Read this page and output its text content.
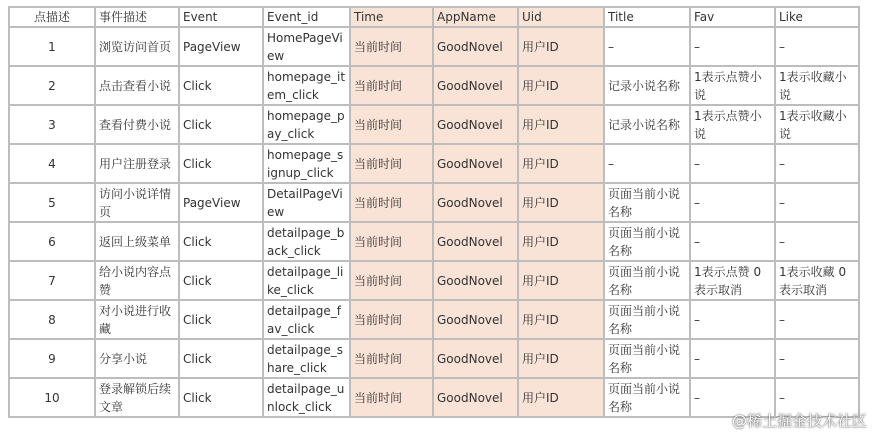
点描述	事件描述	Event	Event_id	Time	AppName	Uid	Title	Fav	Like
1	浏览访问首页	PageView	HomePageView	当前时间	GoodNovel	用户ID	–	–	–
2	点击查看小说	Click	homepage_item_click	当前时间	GoodNovel	用户ID	记录小说名称	1表示点赞小说	1表示收藏小说
3	查看付费小说	Click	homepage_pay_click	当前时间	GoodNovel	用户ID	记录小说名称	1表示点赞小说	1表示收藏小说
4	用户注册登录	Click	homepage_signup_click	当前时间	GoodNovel	用户ID	–	–	–
5	访问小说详情页	PageView	DetailPageView	当前时间	GoodNovel	用户ID	页面当前小说名称	–	–
6	返回上级菜单	Click	detailpage_back_click	当前时间	GoodNovel	用户ID	页面当前小说名称	–	–
7	给小说内容点赞	Click	detailpage_like_click	当前时间	GoodNovel	用户ID	页面当前小说名称	1表示点赞 0表示取消	1表示收藏 0表示取消
8	对小说进行收藏	Click	detailpage_fav_click	当前时间	GoodNovel	用户ID	页面当前小说名称	–	–
9	分享小说	Click	detailpage_share_click	当前时间	GoodNovel	用户ID	页面当前小说名称	–	–
10	登录解锁后续文章	Click	detailpage_unlock_click	当前时间	GoodNovel	用户ID	页面当前小说名称	–	–
@稀土掘金技术社区
